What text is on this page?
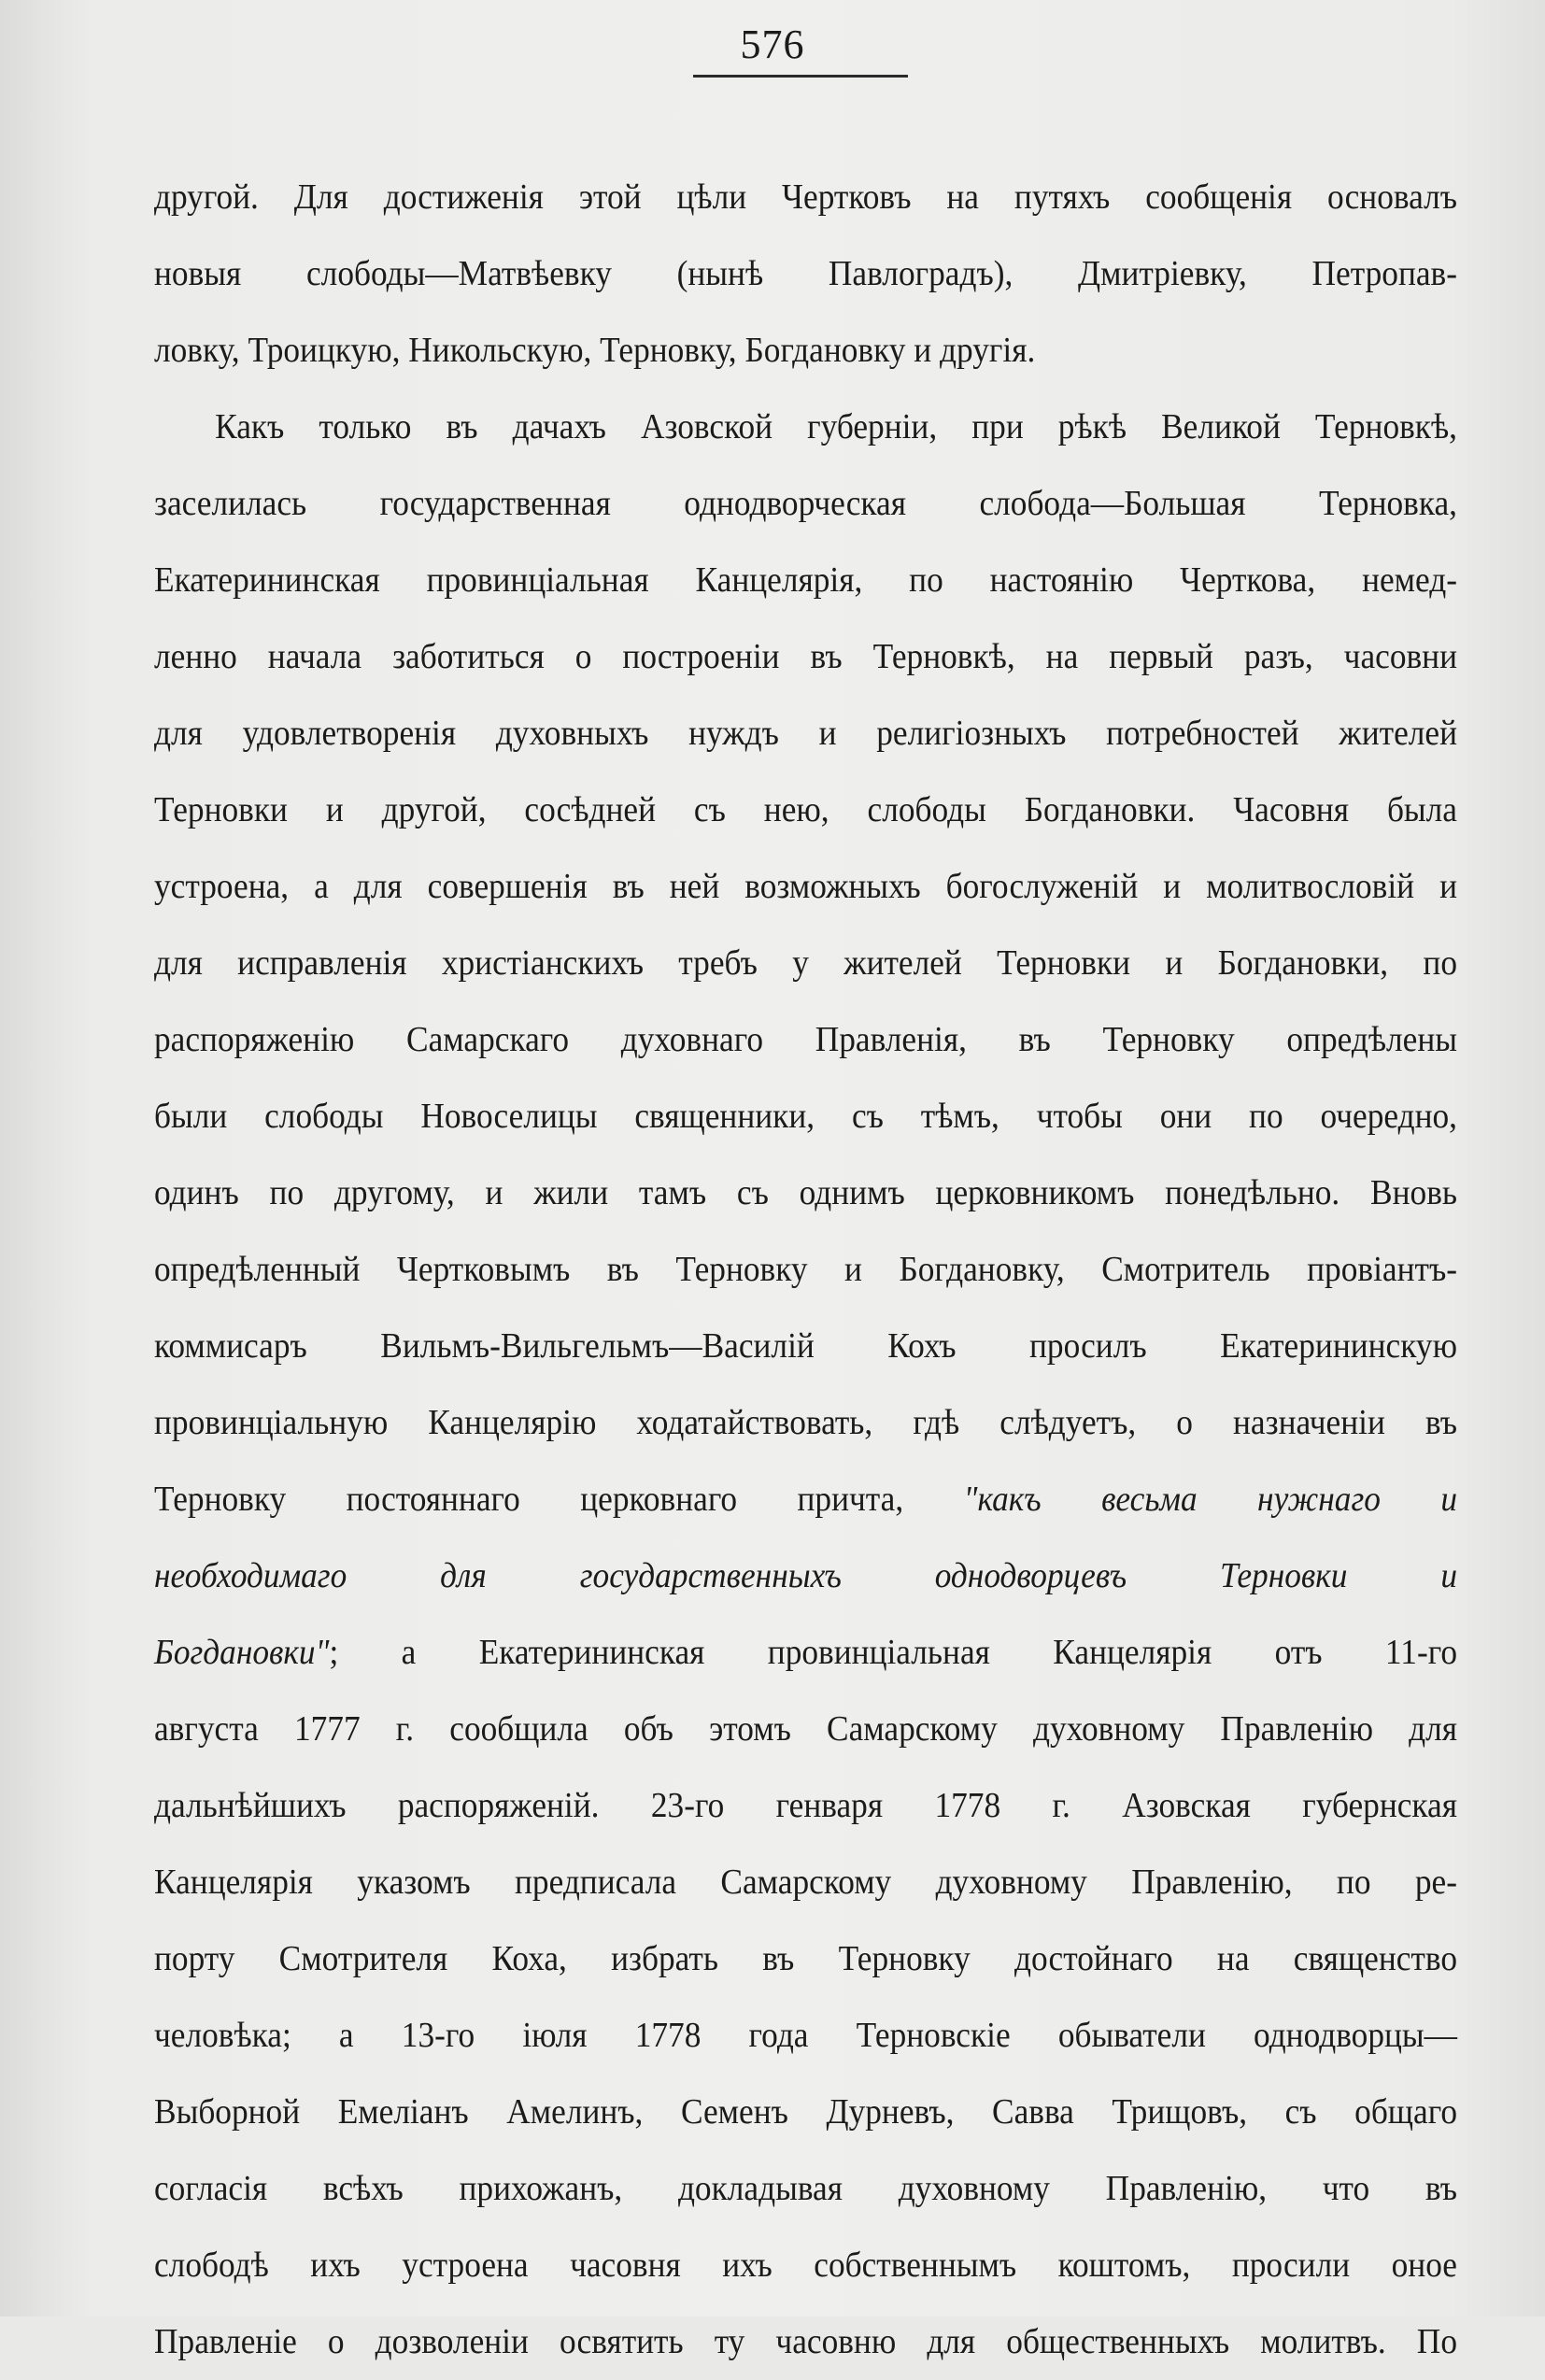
576
другой. Для достиженія этой цѣли Чертковъ на путяхъ сообщенія основалъ
новыя слободы—Матвѣевку (нынѣ Павлоградъ), Дмитріевку, Петропав-
ловку, Троицкую, Никольскую, Терновку, Богдановку и другія.
Какъ только въ дачахъ Азовской губерніи, при рѣкѣ Великой Терновкѣ,
заселилась государственная однодворческая слобода—Большая Терновка,
Екатерининская провинціальная Канцелярія, по настоянію Черткова, немед-
ленно начала заботиться о построеніи въ Терновкѣ, на первый разъ, часовни
для удовлетворенія духовныхъ нуждъ и религіозныхъ потребностей жителей
Терновки и другой, сосѣдней съ нею, слободы Богдановки. Часовня была
устроена, а для совершенія въ ней возможныхъ богослуженій и молитвословій и
для исправленія христіанскихъ требъ у жителей Терновки и Богдановки, по
распоряженію Самарскаго духовнаго Правленія, въ Терновку опредѣлены
были слободы Новоселицы священники, съ тѣмъ, чтобы они по очередно,
одинъ по другому, и жили тамъ съ однимъ церковникомъ понедѣльно. Вновь
опредѣленный Чертковымъ въ Терновку и Богдановку, Смотритель провіантъ-
коммисаръ Вильмъ-Вильгельмъ—Василій Кохъ просилъ Екатерининскую
провинціальную Канцелярію ходатайствовать, гдѣ слѣдуетъ, о назначеніи въ
Терновку постояннаго церковнаго причта, "какъ весьма нужнаго и
необходимаго для государственныхъ однодворцевъ Терновки и
Богдановки"; а Екатерининская провинціальная Канцелярія отъ 11-го
августа 1777 г. сообщила объ этомъ Самарскому духовному Правленію для
дальнѣйшихъ распоряженій. 23-го генваря 1778 г. Азовская губернская
Канцелярія указомъ предписала Самарскому духовному Правленію, по ре-
порту Смотрителя Коха, избрать въ Терновку достойнаго на священство
человѣка; а 13-го іюля 1778 года Терновскіе обыватели однодворцы—
Выборной Емеліанъ Амелинъ, Семенъ Дурневъ, Савва Трищовъ, съ общаго
согласія всѣхъ прихожанъ, докладывая духовному Правленію, что въ
слободѣ ихъ устроена часовня ихъ собственнымъ коштомъ, просили оное
Правленіе о дозволеніи освятить ту часовню для общественныхъ молитвъ. По
